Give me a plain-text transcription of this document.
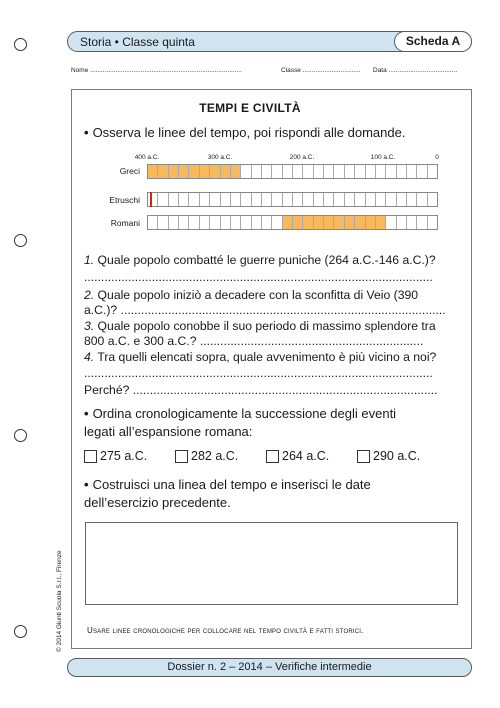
Storia • Classe quinta	Scheda A
Nome ....................................................................................	Classe ................................	Data ......................................
TEMPI E CIVILTÀ
• Osserva le linee del tempo, poi rispondi alle domande.
400 a.C.	300 a.C.	200 a.C.	100 a.C.	0
Greci
Etruschi
Romani
1. Quale popolo combatté le guerre puniche (264 a.C.-146 a.C.)?
.......................................................................................................
2. Quale popolo iniziò a decadere con la sconfitta di Veio (390
a.C.)? ................................................................................................
3. Quale popolo conobbe il suo periodo di massimo splendore tra
800 a.C. e 300 a.C.? ..................................................................
4. Tra quelli elencati sopra, quale avvenimento è più vicino a noi?
.......................................................................................................
Perché? ..........................................................................................
• Ordina cronologicamente la successione degli eventi
legati all’espansione romana:
275 a.C.	282 a.C.	264 a.C.	290 a.C.
• Costruisci una linea del tempo e inserisci le date
dell’esercizio precedente.
Usare linee cronologiche per collocare nel tempo civiltà e fatti storici.
Dossier n. 2 – 2014 – Verifiche intermedie
© 2014 Giunti Scuola S.r.l., Firenze
